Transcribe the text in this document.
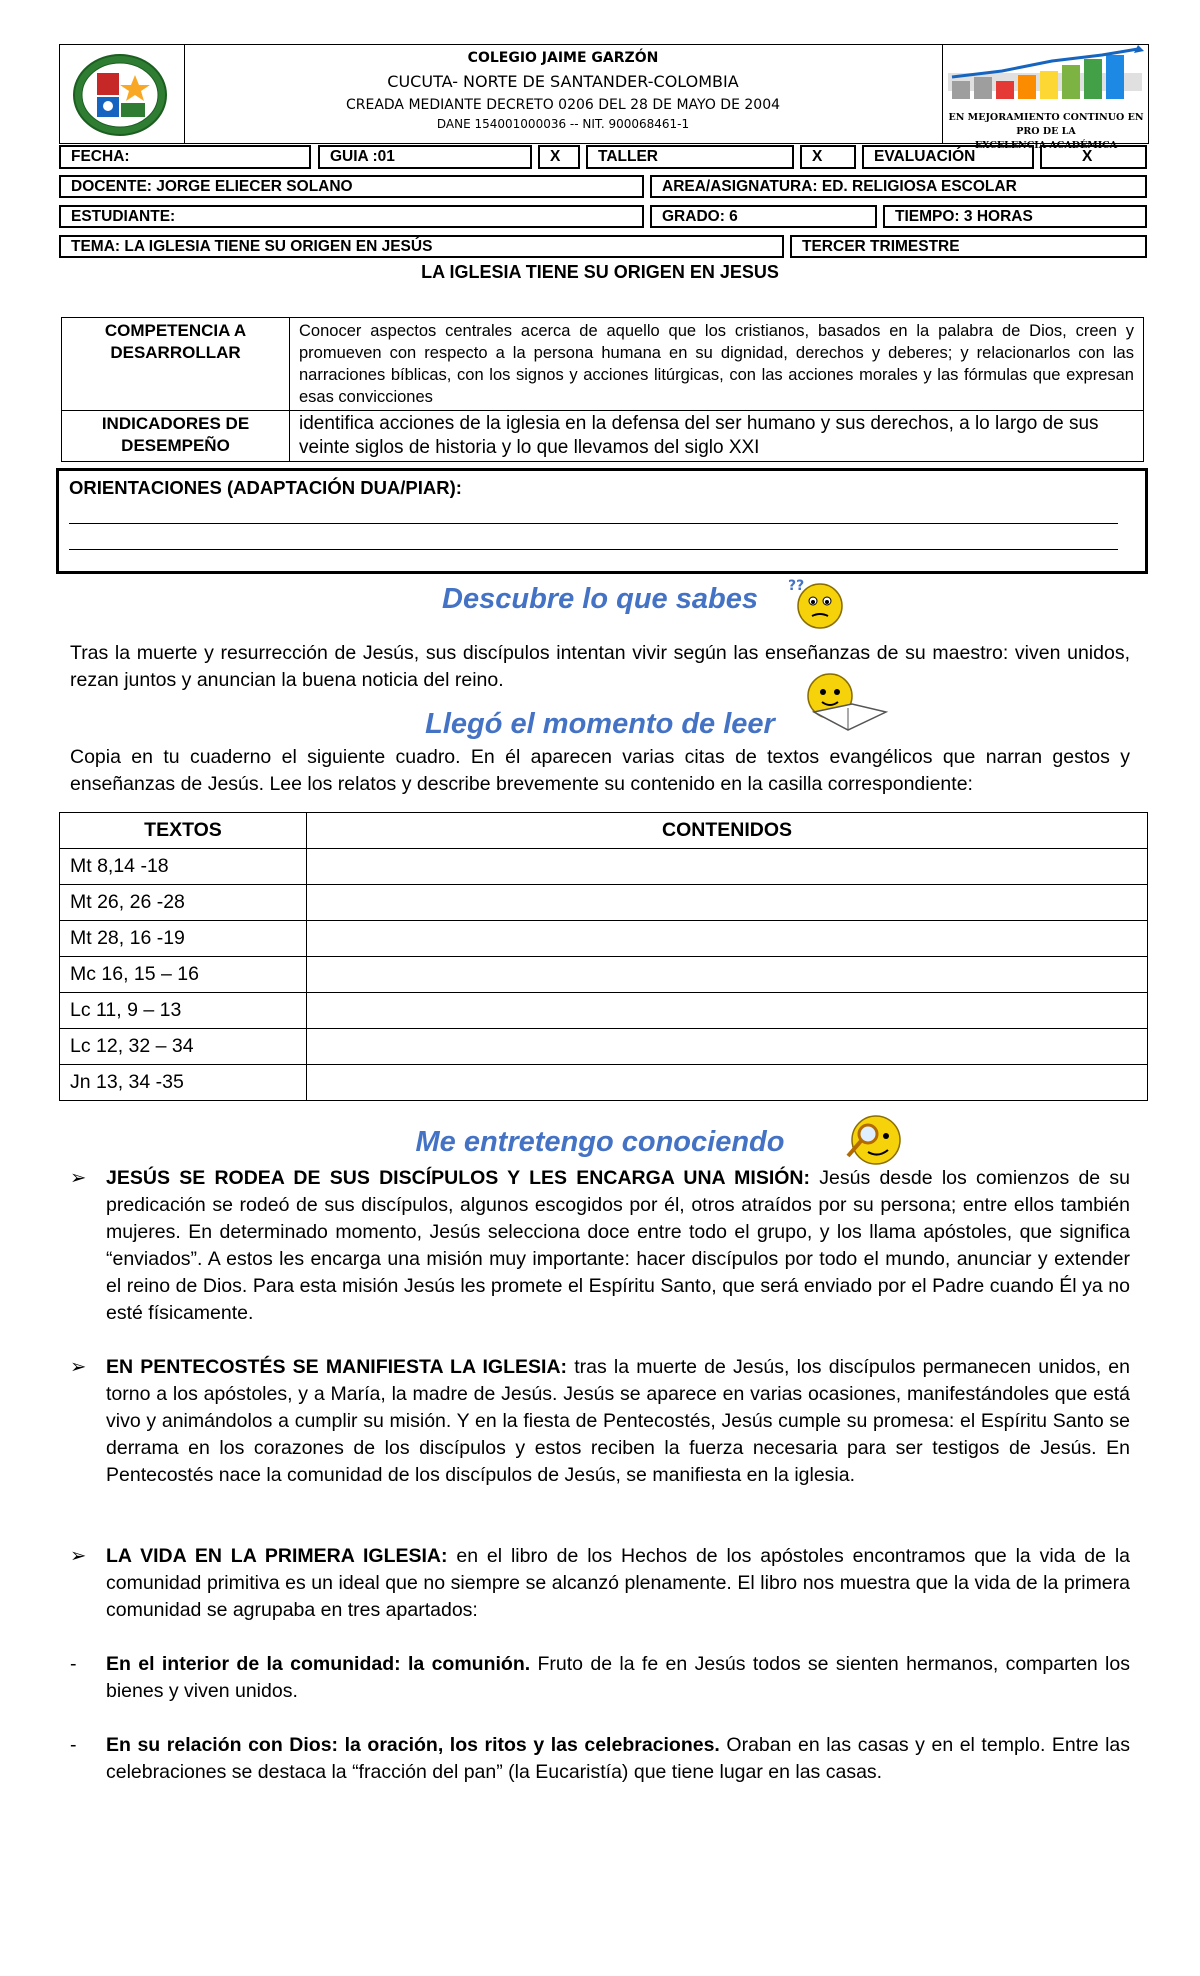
COLEGIO JAIME GARZÓN
CUCUTA- NORTE DE SANTANDER-COLOMBIA
CREADA MEDIANTE DECRETO 0206 DEL 28 DE MAYO DE 2004
DANE 154001000036 -- NIT. 900068461-1	EN MEJORAMIENTO CONTINUO EN PRO DE LA
EXCELENCIA ACADÉMICA
FECHA:	GUIA :01	X	TALLER	X	EVALUACIÓN	X
DOCENTE: JORGE ELIECER SOLANO	AREA/ASIGNATURA: ED. RELIGIOSA ESCOLAR
ESTUDIANTE:	GRADO: 6	TIEMPO: 3 HORAS
TEMA: LA IGLESIA TIENE SU ORIGEN EN JESÚS	TERCER TRIMESTRE
LA IGLESIA TIENE SU ORIGEN EN JESUS
COMPETENCIA A
DESARROLLAR	Conocer aspectos centrales acerca de aquello que los cristianos, basados en la palabra de Dios, creen y promueven con respecto a la persona humana en su dignidad, derechos y deberes; y relacionarlos con las narraciones bíblicas, con los signos y acciones litúrgicas, con las acciones morales y las fórmulas que expresan esas convicciones

INDICADORES DE
DESEMPEÑO	identifica acciones de la iglesia en la defensa del ser humano y sus derechos, a lo largo de sus veinte siglos de historia y lo que llevamos del siglo XXI
ORIENTACIONES (ADAPTACIÓN DUA/PIAR):
Descubre lo que sabes	??
Tras la muerte y resurrección de Jesús, sus discípulos intentan vivir según las enseñanzas de su maestro: viven unidos, rezan juntos y anuncian la buena noticia del reino.
Llegó el momento de leer
Copia en tu cuaderno el siguiente cuadro. En él aparecen varias citas de textos evangélicos que narran gestos y enseñanzas de Jesús. Lee los relatos y describe brevemente su contenido en la casilla correspondiente:
TEXTOS	CONTENIDOS
Mt 8,14 -18	
Mt 26, 26 -28	
Mt 28, 16 -19	
Mc 16, 15 – 16	
Lc 11, 9 – 13	
Lc 12, 32 – 34	
Jn 13, 34 -35	
Me entretengo conociendo
➢ JESÚS SE RODEA DE SUS DISCÍPULOS Y LES ENCARGA UNA MISIÓN: Jesús desde los comienzos de su predicación se rodeó de sus discípulos, algunos escogidos por él, otros atraídos por su persona; entre ellos también mujeres. En determinado momento, Jesús selecciona doce entre todo el grupo, y los llama apóstoles, que significa “enviados”. A estos les encarga una misión muy importante: hacer discípulos por todo el mundo, anunciar y extender el reino de Dios. Para esta misión Jesús les promete el Espíritu Santo, que será enviado por el Padre cuando Él ya no esté físicamente.
➢ EN PENTECOSTÉS SE MANIFIESTA LA IGLESIA: tras la muerte de Jesús, los discípulos permanecen unidos, en torno a los apóstoles, y a María, la madre de Jesús. Jesús se aparece en varias ocasiones, manifestándoles que está vivo y animándolos a cumplir su misión. Y en la fiesta de Pentecostés, Jesús cumple su promesa: el Espíritu Santo se derrama en los corazones de los discípulos y estos reciben la fuerza necesaria para ser testigos de Jesús. En Pentecostés nace la comunidad de los discípulos de Jesús, se manifiesta en la iglesia.
➢ LA VIDA EN LA PRIMERA IGLESIA: en el libro de los Hechos de los apóstoles encontramos que la vida de la comunidad primitiva es un ideal que no siempre se alcanzó plenamente. El libro nos muestra que la vida de la primera comunidad se agrupaba en tres apartados:
- En el interior de la comunidad: la comunión. Fruto de la fe en Jesús todos se sienten hermanos, comparten los bienes y viven unidos.
- En su relación con Dios: la oración, los ritos y las celebraciones. Oraban en las casas y en el templo. Entre las celebraciones se destaca la “fracción del pan” (la Eucaristía) que tiene lugar en las casas.
